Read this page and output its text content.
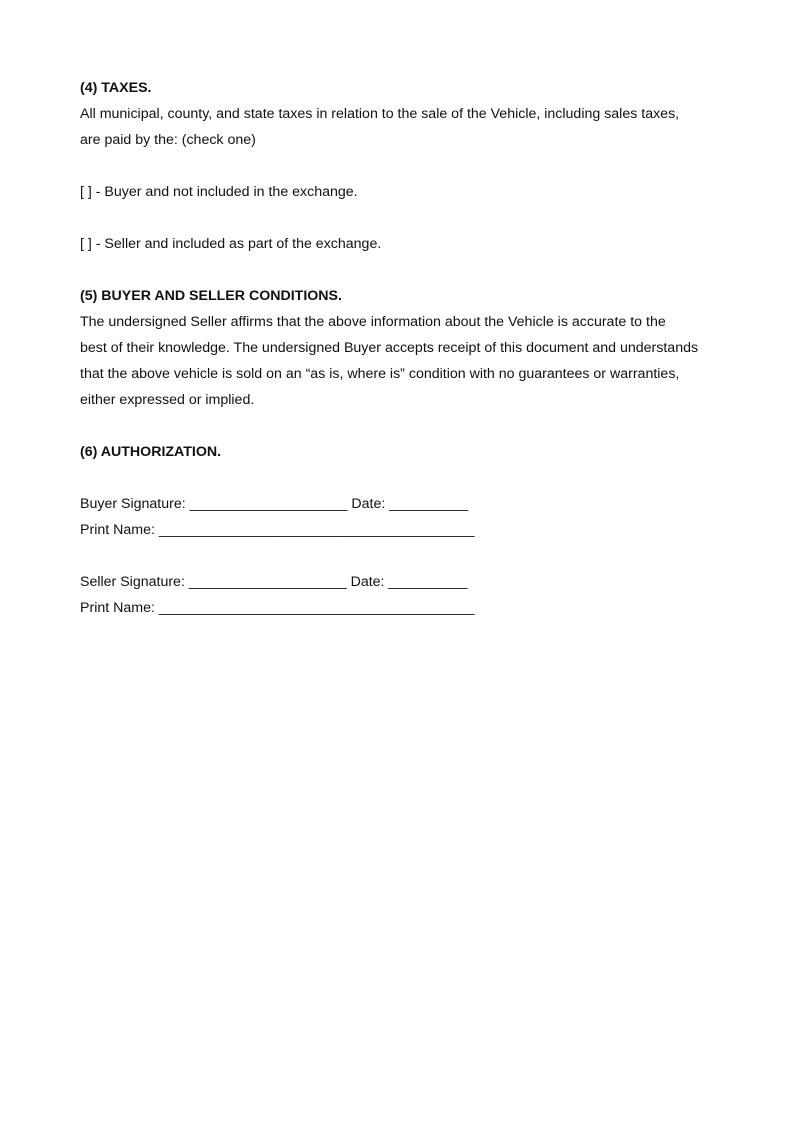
(4) TAXES.

All municipal, county, and state taxes in relation to the sale of the Vehicle, including sales taxes,
are paid by the: (check one)

[ ] - Buyer and not included in the exchange.

[ ] - Seller and included as part of the exchange.

(5) BUYER AND SELLER CONDITIONS.

The undersigned Seller affirms that the above information about the Vehicle is accurate to the
best of their knowledge. The undersigned Buyer accepts receipt of this document and understands
that the above vehicle is sold on an “as is, where is” condition with no guarantees or warranties,
either expressed or implied.

(6) AUTHORIZATION.

Buyer Signature: ____________________ Date: __________
Print Name: ________________________________________
Seller Signature: ____________________ Date: __________
Print Name: ________________________________________
